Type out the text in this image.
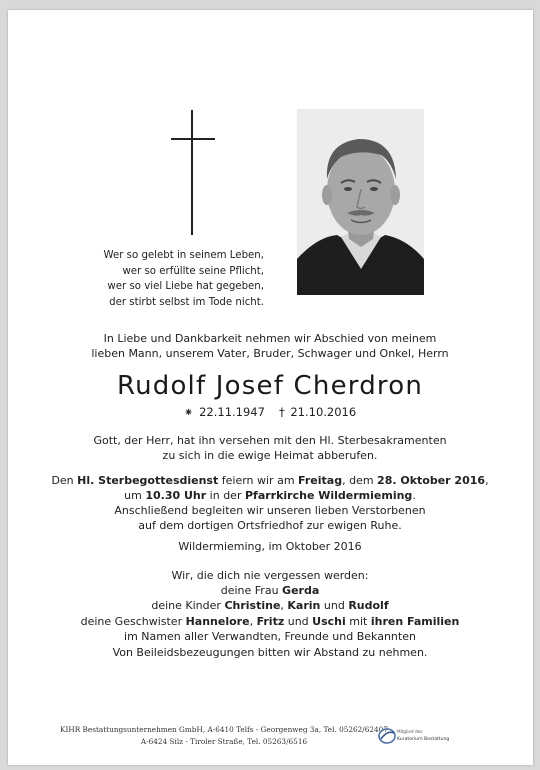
Wer so gelebt in seinem Leben,
wer so erfüllte seine Pflicht,
wer so viel Liebe hat gegeben,
der stirbt selbst im Tode nicht.
In Liebe und Dankbarkeit nehmen wir Abschied von meinem
lieben Mann, unserem Vater, Bruder, Schwager und Onkel, Herrn
Rudolf Josef Cherdron
⁕ 22.11.1947 † 21.10.2016
Gott, der Herr, hat ihn versehen mit den Hl. Sterbesakramenten
zu sich in die ewige Heimat abberufen.
Den Hl. Sterbegottesdienst feiern wir am Freitag, dem 28. Oktober 2016,
um 10.30 Uhr in der Pfarrkirche Wildermieming.
Anschließend begleiten wir unseren lieben Verstorbenen
auf dem dortigen Ortsfriedhof zur ewigen Ruhe.
Wildermieming, im Oktober 2016
Wir, die dich nie vergessen werden:
deine Frau Gerda
deine Kinder Christine, Karin und Rudolf
deine Geschwister Hannelore, Fritz und Uschi mit ihren Familien
im Namen aller Verwandten, Freunde und Bekannten
Von Beileidsbezeugungen bitten wir Abstand zu nehmen.
KIHR Bestattungsunternehmen GmbH, A-6410 Telfs - Georgenweg 3a, Tel. 05262/62407
A-6424 Silz - Tiroler Straße, Tel. 05263/6516
Mitglied des
Kuratorium Bestattung
